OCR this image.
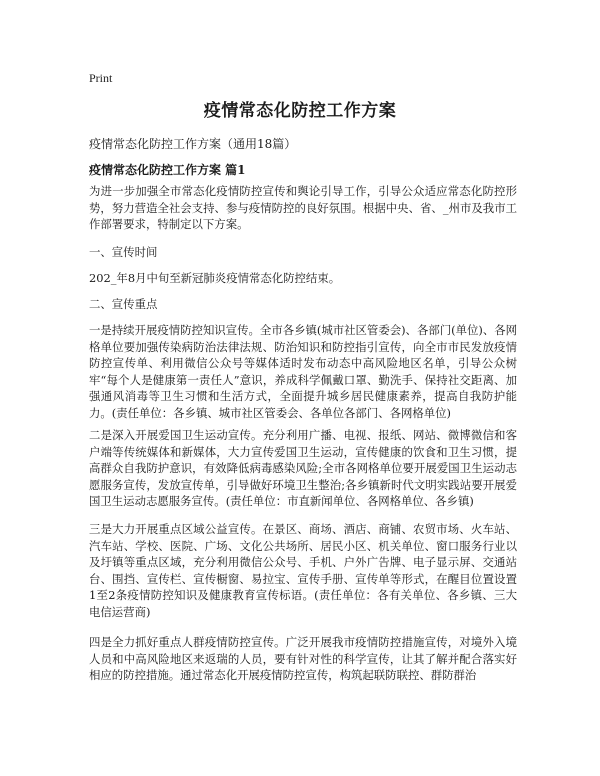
Print
疫情常态化防控工作方案
疫情常态化防控工作方案（通用18篇）
疫情常态化防控工作方案 篇1

为进一步加强全市常态化疫情防控宣传和舆论引导工作，引导公众适应常态化防控形势，努力营造全社会支持、参与疫情防控的良好氛围。根据中央、省、_州市及我市工作部署要求，特制定以下方案。

一、宣传时间

202_年8月中旬至新冠肺炎疫情常态化防控结束。

二、宣传重点

一是持续开展疫情防控知识宣传。全市各乡镇(城市社区管委会)、各部门(单位)、各网格单位要加强传染病防治法律法规、防治知识和防控指引宣传，向全市市民发放疫情防控宣传单、利用微信公众号等媒体适时发布动态中高风险地区名单，引导公众树牢“每个人是健康第一责任人”意识，养成科学佩戴口罩、勤洗手、保持社交距离、加强通风消毒等卫生习惯和生活方式，全面提升城乡居民健康素养，提高自我防护能力。(责任单位：各乡镇、城市社区管委会、各单位各部门、各网格单位)

二是深入开展爱国卫生运动宣传。充分利用广播、电视、报纸、网站、微博微信和客户端等传统媒体和新媒体，大力宣传爱国卫生运动，宣传健康的饮食和卫生习惯，提高群众自我防护意识，有效降低病毒感染风险;全市各网格单位要开展爱国卫生运动志愿服务宣传，发放宣传单，引导做好环境卫生整治;各乡镇新时代文明实践站要开展爱国卫生运动志愿服务宣传。(责任单位：市直新闻单位、各网格单位、各乡镇)

三是大力开展重点区域公益宣传。在景区、商场、酒店、商铺、农贸市场、火车站、汽车站、学校、医院、广场、文化公共场所、居民小区、机关单位、窗口服务行业以及圩镇等重点区域，充分利用微信公众号、手机、户外广告牌、电子显示屏、交通站台、围挡、宣传栏、宣传橱窗、易拉宝、宣传手册、宣传单等形式，在醒目位置设置1至2条疫情防控知识及健康教育宣传标语。(责任单位：各有关单位、各乡镇、三大电信运营商)

四是全力抓好重点人群疫情防控宣传。广泛开展我市疫情防控措施宣传，对境外入境人员和中高风险地区来返瑞的人员，要有针对性的科学宣传，让其了解并配合落实好相应的防控措施。通过常态化开展疫情防控宣传，构筑起联防联控、群防群治
